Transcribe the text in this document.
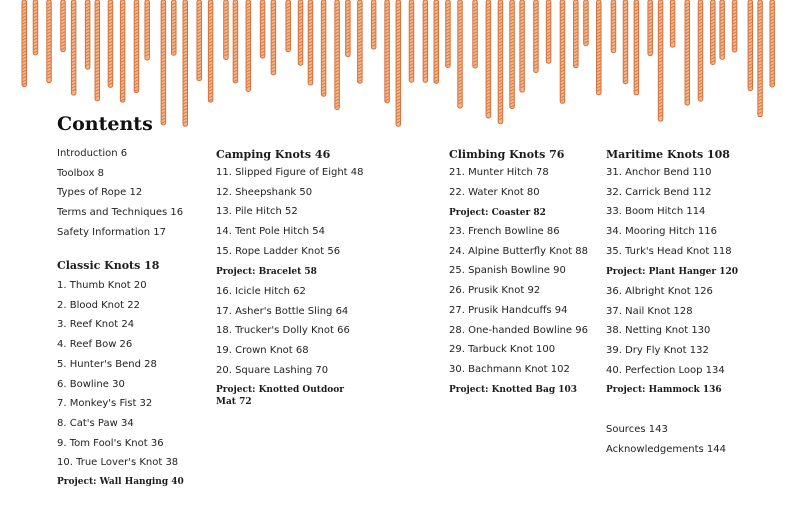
Contents
Introduction 6
Toolbox 8
Types of Rope 12
Terms and Techniques 16
Safety Information 17
Classic Knots 18
1. Thumb Knot 20
2. Blood Knot 22
3. Reef Knot 24
4. Reef Bow 26
5. Hunter's Bend 28
6. Bowline 30
7. Monkey's Fist 32
8. Cat's Paw 34
9. Tom Fool's Knot 36
10. True Lover's Knot 38
Project: Wall Hanging 40
Camping Knots 46
11. Slipped Figure of Eight 48
12. Sheepshank 50
13. Pile Hitch 52
14. Tent Pole Hitch 54
15. Rope Ladder Knot 56
Project: Bracelet 58
16. Icicle Hitch 62
17. Asher's Bottle Sling 64
18. Trucker's Dolly Knot 66
19. Crown Knot 68
20. Square Lashing 70
Project: Knotted Outdoor
Mat 72
Climbing Knots 76
21. Munter Hitch 78
22. Water Knot 80
Project: Coaster 82
23. French Bowline 86
24. Alpine Butterfly Knot 88
25. Spanish Bowline 90
26. Prusik Knot 92
27. Prusik Handcuffs 94
28. One-handed Bowline 96
29. Tarbuck Knot 100
30. Bachmann Knot 102
Project: Knotted Bag 103
Maritime Knots 108
31. Anchor Bend 110
32. Carrick Bend 112
33. Boom Hitch 114
34. Mooring Hitch 116
35. Turk's Head Knot 118
Project: Plant Hanger 120
36. Albright Knot 126
37. Nail Knot 128
38. Netting Knot 130
39. Dry Fly Knot 132
40. Perfection Loop 134
Project: Hammock 136
Sources 143
Acknowledgements 144
